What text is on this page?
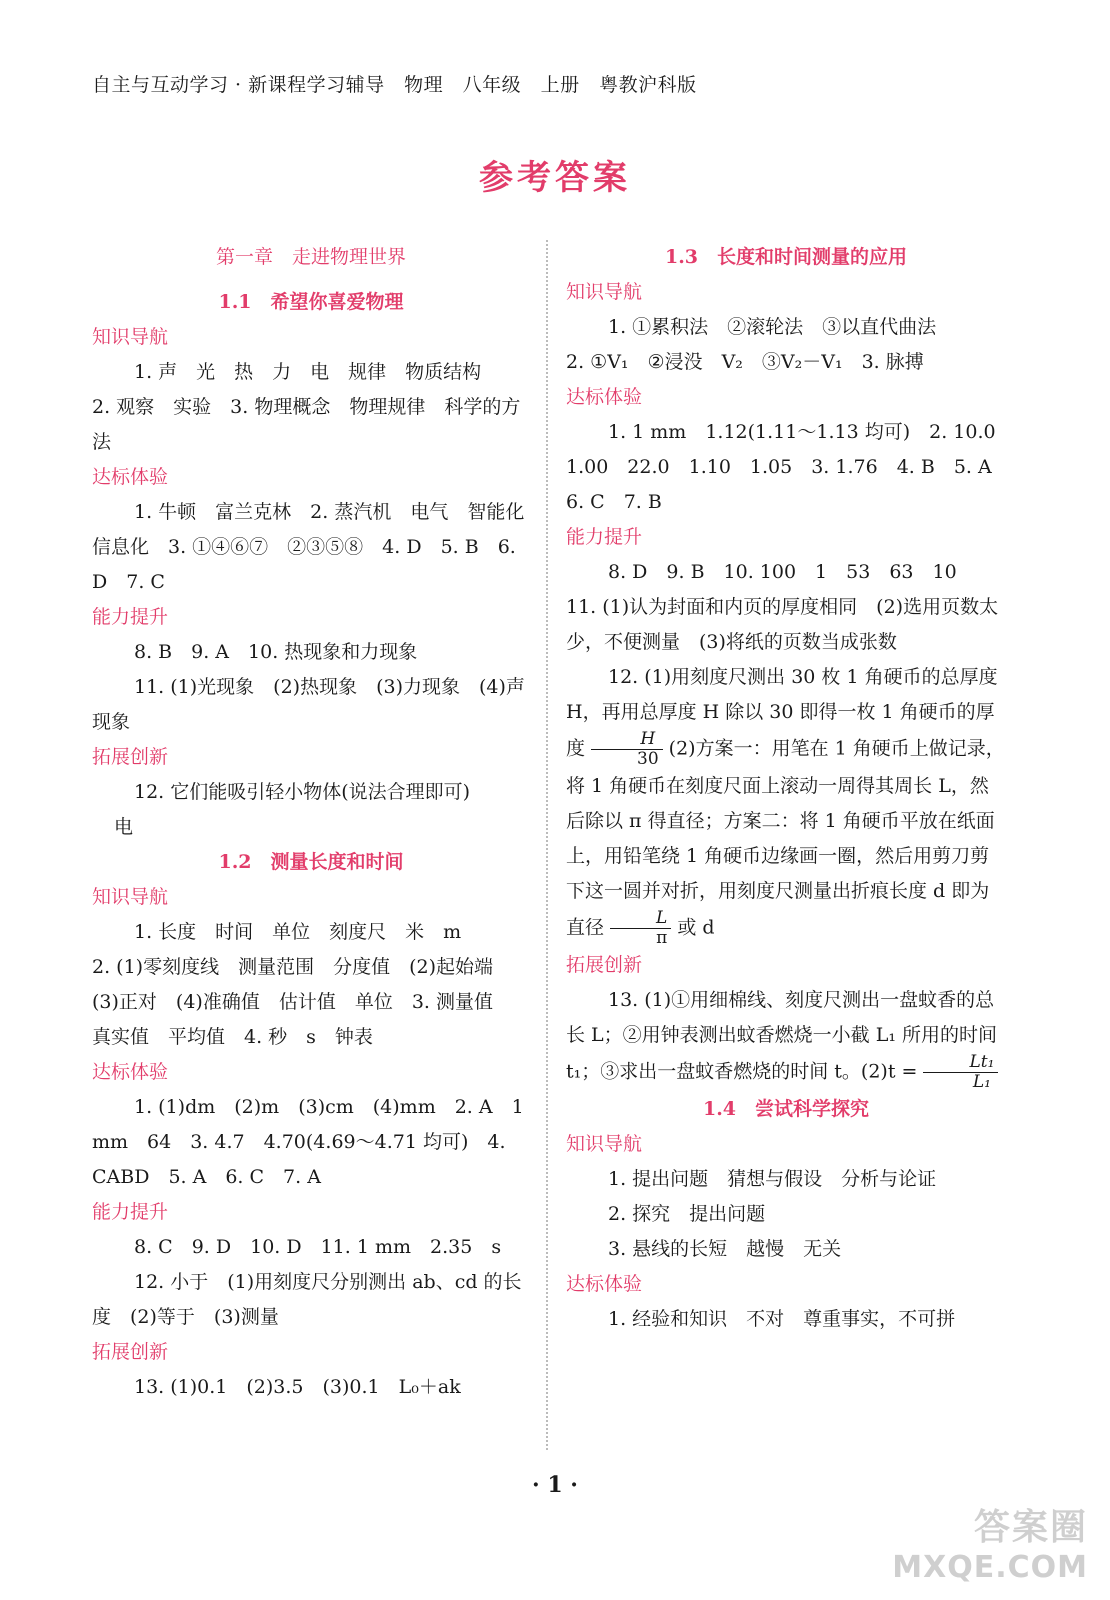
自主与互动学习 · 新课程学习辅导　物理　八年级　上册　粤教沪科版
参考答案

第一章　走进物理世界

1.1　希望你喜爱物理

知识导航

1. 声　光　热　力　电　规律　物质结构

2. 观察　实验　3. 物理概念　物理规律　科学的方法

达标体验

1. 牛顿　富兰克林　2. 蒸汽机　电气　智能化　信息化　3. ①④⑥⑦　②③⑤⑧　4. D　5. B　6. D　7. C

能力提升

8. B　9. A　10. 热现象和力现象

11. (1)光现象　(2)热现象　(3)力现象　(4)声现象

拓展创新

12. 它们能吸引轻小物体(说法合理即可)

电

1.2　测量长度和时间

知识导航

1. 长度　时间　单位　刻度尺　米　m

2. (1)零刻度线　测量范围　分度值　(2)起始端　(3)正对　(4)准确值　估计值　单位　3. 测量值　真实值　平均值　4. 秒　s　钟表

达标体验

1. (1)dm　(2)m　(3)cm　(4)mm　2. A　1 mm　64　3. 4.7　4.70(4.69～4.71 均可)　4. CABD　5. A　6. C　7. A

能力提升

8. C　9. D　10. D　11. 1 mm　2.35　s

12. 小于　(1)用刻度尺分别测出 ab、cd 的长度　(2)等于　(3)测量

拓展创新

13. (1)0.1　(2)3.5　(3)0.1　L₀＋ak

1.3　长度和时间测量的应用

知识导航

1. ①累积法　②滚轮法　③以直代曲法

2. ①V₁　②浸没　V₂　③V₂－V₁　3. 脉搏

达标体验

1. 1 mm　1.12(1.11～1.13 均可)　2. 10.0　1.00　22.0　1.10　1.05　3. 1.76　4. B　5. A　6. C　7. B

能力提升

8. D　9. B　10. 100　1　53　63　10

11. (1)认为封面和内页的厚度相同　(2)选用页数太少，不便测量　(3)将纸的页数当成张数

12. (1)用刻度尺测出 30 枚 1 角硬币的总厚度 H，再用总厚度 H 除以 30 即得一枚 1 角硬币的厚度 $\frac{H}{30} (2)$方案一：用笔在 1 角硬币上做记录，将 1 角硬币在刻度尺面上滚动一周得其周长 L，然后除以 π 得直径；方案二：将 1 角硬币平放在纸面上，用铅笔绕 1 角硬币边缘画一圈，然后用剪刀剪下这一圆并对折，用刻度尺测量出折痕长度 d 即为直径 $\frac{L}{\pi}$ 或 d

拓展创新

13. (1)①用细棉线、刻度尺测出一盘蚊香的总长 L；②用钟表测出蚊香燃烧一小截 L₁ 所用的时间 t₁；③求出一盘蚊香燃烧的时间 t。$(2)t = \frac{\text{Lt₁}}{\text{L₁}}$

1.4　尝试科学探究

知识导航

1. 提出问题　猜想与假设　分析与论证

2. 探究　提出问题

3. 悬线的长短　越慢　无关

达标体验

1. 经验和知识　不对　尊重事实，不可拼

· 1 ·
答案圈
MXQE.COM
